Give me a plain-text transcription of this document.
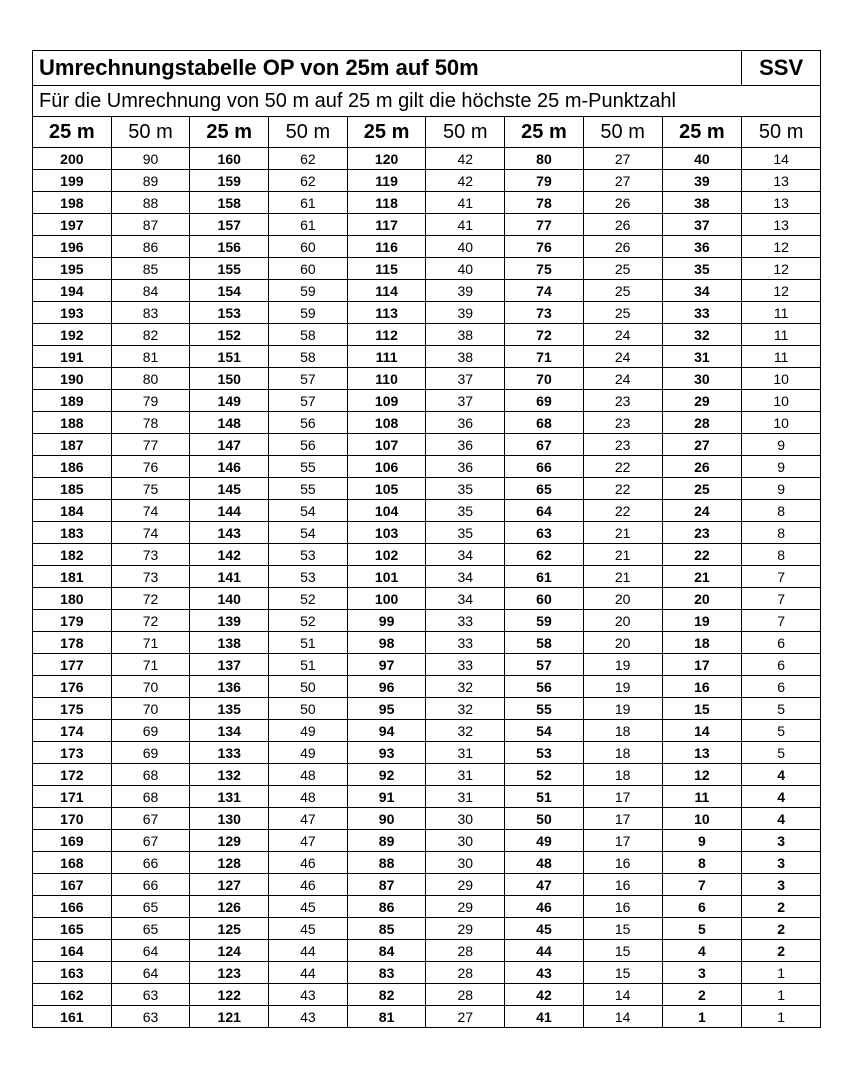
Umrechnungstabelle OP von 25m auf 50m									SSV
Für die Umrechnung von 50 m auf 25 m gilt die höchste 25 m-Punktzahl									
25 m	50 m	25 m	50 m	25 m	50 m	25 m	50 m	25 m	50 m
200	90	160	62	120	42	80	27	40	14
199	89	159	62	119	42	79	27	39	13
198	88	158	61	118	41	78	26	38	13
197	87	157	61	117	41	77	26	37	13
196	86	156	60	116	40	76	26	36	12
195	85	155	60	115	40	75	25	35	12
194	84	154	59	114	39	74	25	34	12
193	83	153	59	113	39	73	25	33	11
192	82	152	58	112	38	72	24	32	11
191	81	151	58	111	38	71	24	31	11
190	80	150	57	110	37	70	24	30	10
189	79	149	57	109	37	69	23	29	10
188	78	148	56	108	36	68	23	28	10
187	77	147	56	107	36	67	23	27	9
186	76	146	55	106	36	66	22	26	9
185	75	145	55	105	35	65	22	25	9
184	74	144	54	104	35	64	22	24	8
183	74	143	54	103	35	63	21	23	8
182	73	142	53	102	34	62	21	22	8
181	73	141	53	101	34	61	21	21	7
180	72	140	52	100	34	60	20	20	7
179	72	139	52	99	33	59	20	19	7
178	71	138	51	98	33	58	20	18	6
177	71	137	51	97	33	57	19	17	6
176	70	136	50	96	32	56	19	16	6
175	70	135	50	95	32	55	19	15	5
174	69	134	49	94	32	54	18	14	5
173	69	133	49	93	31	53	18	13	5
172	68	132	48	92	31	52	18	12	4
171	68	131	48	91	31	51	17	11	4
170	67	130	47	90	30	50	17	10	4
169	67	129	47	89	30	49	17	9	3
168	66	128	46	88	30	48	16	8	3
167	66	127	46	87	29	47	16	7	3
166	65	126	45	86	29	46	16	6	2
165	65	125	45	85	29	45	15	5	2
164	64	124	44	84	28	44	15	4	2
163	64	123	44	83	28	43	15	3	1
162	63	122	43	82	28	42	14	2	1
161	63	121	43	81	27	41	14	1	1
